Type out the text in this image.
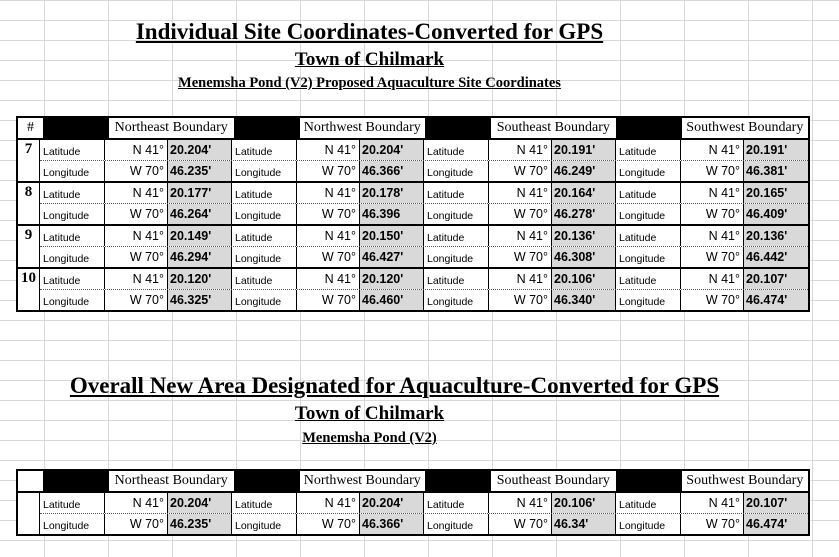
Individual Site Coordinates-Converted for GPS
Town of Chilmark
Menemsha Pond (V2) Proposed Aquaculture Site Coordinates
#	Northeast Boundary	Northwest Boundary	Southeast Boundary	Southwest Boundary
7	Latitude	N 41° 20.204'	Latitude	N 41° 20.204'	Latitude	N 41° 20.191'	Latitude	N 41° 20.191'
Longitude	W 70° 46.235'	Longitude	W 70° 46.366'	Longitude	W 70° 46.249'	Longitude	W 70° 46.381'
8	Latitude	N 41° 20.177'	Latitude	N 41° 20.178'	Latitude	N 41° 20.164'	Latitude	N 41° 20.165'
Longitude	W 70° 46.264'	Longitude	W 70° 46.396	Longitude	W 70° 46.278'	Longitude	W 70° 46.409'
9	Latitude	N 41° 20.149'	Latitude	N 41° 20.150'	Latitude	N 41° 20.136'	Latitude	N 41° 20.136'
Longitude	W 70° 46.294'	Longitude	W 70° 46.427'	Longitude	W 70° 46.308'	Longitude	W 70° 46.442'
10 Latitude	N 41° 20.120'	Latitude	N 41° 20.120'	Latitude	N 41° 20.106'	Latitude	N 41° 20.107'
Longitude	W 70° 46.325'	Longitude	W 70° 46.460'	Longitude	W 70° 46.340'	Longitude	W 70° 46.474'
Overall New Area Designated for Aquaculture-Converted for GPS
Town of Chilmark
Menemsha Pond (V2)
Northeast Boundary	Northwest Boundary	Southeast Boundary	Southwest Boundary
Latitude	N 41° 20.204'	Latitude	N 41° 20.204'	Latitude	N 41° 20.106'	Latitude	N 41° 20.107'
Longitude	W 70° 46.235'	Longitude	W 70° 46.366'	Longitude	W 70° 46.34'	Longitude	W 70° 46.474'
